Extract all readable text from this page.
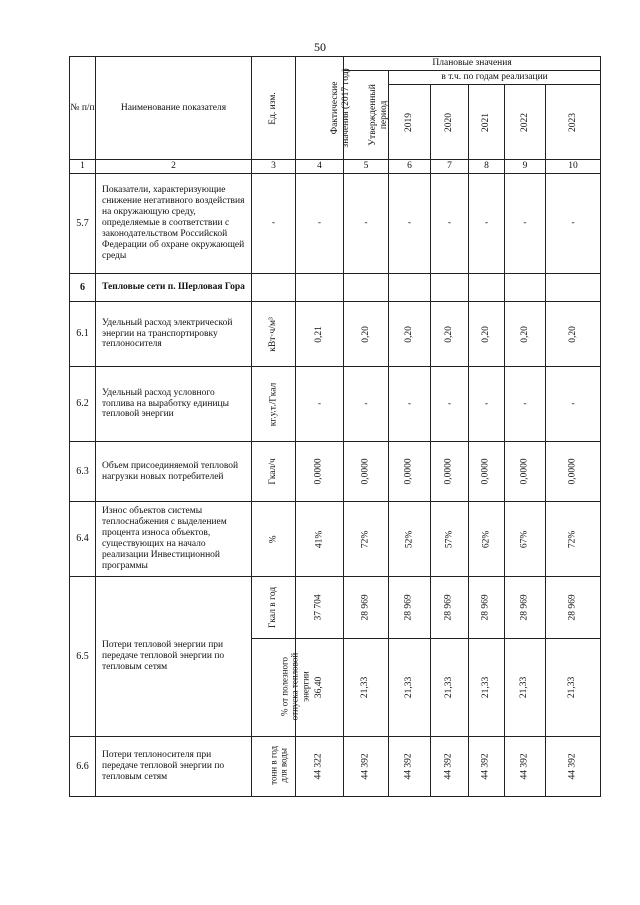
50
№ п/п	Наименование показателя	Ед. изм.	Фактические значения (2017 год)	Плановые значения					
				Утвержденный период	в т.ч. по годам реализации				
					2019	2020	2021	2022	2023
1	2	3	4	5	6	7	8	9	10
5.7	Показатели, характеризующие снижение негативного воздействия на окружающую среду, определяемые в соответствии с законодательством Российской Федерации об охране окружающей среды	-	-	-	-	-	-	-	-
6	Тепловые сети п. Шерловая Гора								
6.1	Удельный расход электрической энергии на транспортировку теплоносителя	кВт·ч/м³	0,21	0,20	0,20	0,20	0,20	0,20	0,20
6.2	Удельный расход условного топлива на выработку единицы тепловой энергии	кг.у.т./Гкал	-	-	-	-	-	-	-
6.3	Объем присоединяемой тепловой нагрузки новых потребителей	Гкал/ч	0,0000	0,0000	0,0000	0,0000	0,0000	0,0000	0,0000
6.4	Износ объектов системы теплоснабжения с выделением процента износа объектов, существующих на начало реализации Инвестиционной программы	%	41%	72%	52%	57%	62%	67%	72%
6.5	Потери тепловой энергии при передаче тепловой энергии по тепловым сетям	Гкал в год	37 704	28 969	28 969	28 969	28 969	28 969	28 969
		% от полезного отпуска тепловой энергии	36,40	21,33	21,33	21,33	21,33	21,33	21,33
6.6	Потери теплоносителя при передаче тепловой энергии по тепловым сетям	тонн в год для воды	44 322	44 392	44 392	44 392	44 392	44 392	44 392
